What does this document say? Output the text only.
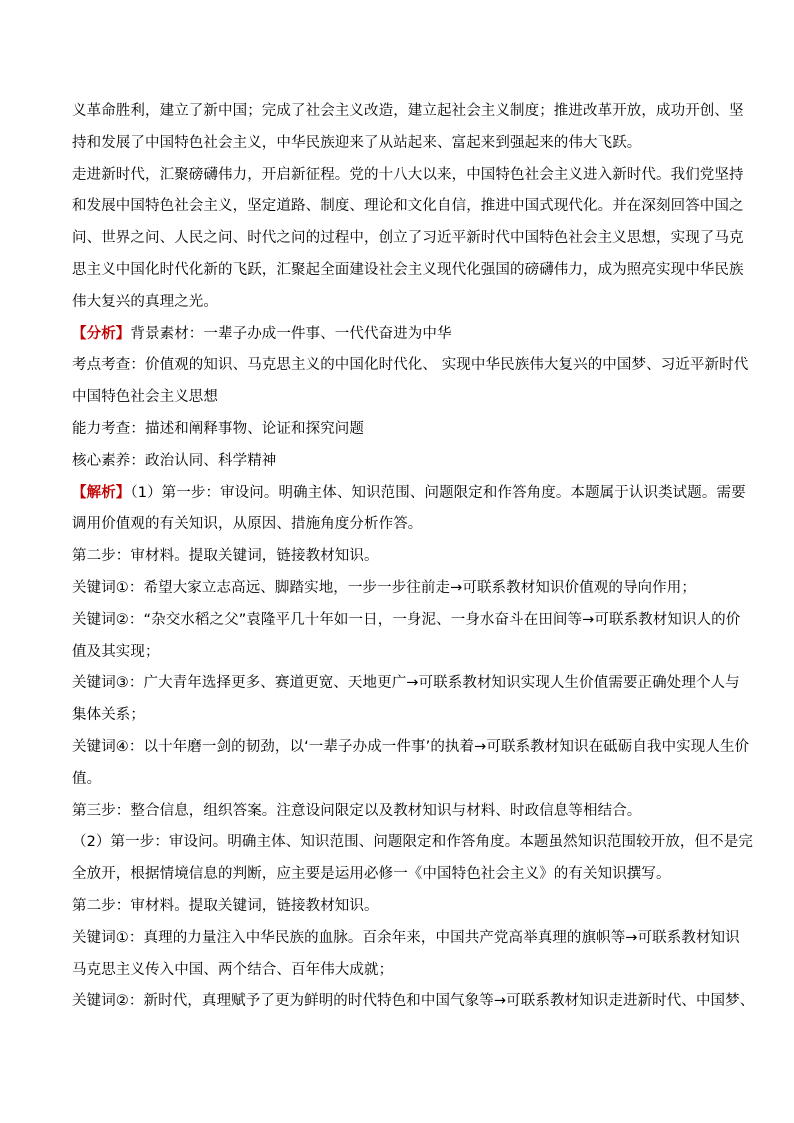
义革命胜利，建立了新中国；完成了社会主义改造，建立起社会主义制度；推进改革开放，成功开创、坚
持和发展了中国特色社会主义，中华民族迎来了从站起来、富起来到强起来的伟大飞跃。
走进新时代，汇聚磅礴伟力，开启新征程。党的十八大以来，中国特色社会主义进入新时代。我们党坚持
和发展中国特色社会主义，坚定道路、制度、理论和文化自信，推进中国式现代化。并在深刻回答中国之
问、世界之问、人民之问、时代之问的过程中，创立了习近平新时代中国特色社会主义思想，实现了马克
思主义中国化时代化新的飞跃，汇聚起全面建设社会主义现代化强国的磅礴伟力，成为照亮实现中华民族
伟大复兴的真理之光。
【分析】背景素材：一辈子办成一件事、一代代奋进为中华
考点考查：价值观的知识、马克思主义的中国化时代化、 实现中华民族伟大复兴的中国梦、习近平新时代
中国特色社会主义思想
能力考查：描述和阐释事物、论证和探究问题
核心素养：政治认同、科学精神
【解析】（1）第一步：审设问。明确主体、知识范围、问题限定和作答角度。本题属于认识类试题。需要
调用价值观的有关知识，从原因、措施角度分析作答。
第二步：审材料。提取关键词，链接教材知识。
关键词①：希望大家立志高远、脚踏实地，一步一步往前走→可联系教材知识价值观的导向作用；
关键词②：“杂交水稻之父”袁隆平几十年如一日，一身泥、一身水奋斗在田间等→可联系教材知识人的价
值及其实现；
关键词③：广大青年选择更多、赛道更宽、天地更广→可联系教材知识实现人生价值需要正确处理个人与
集体关系；
关键词④：以十年磨一剑的韧劲，以‘一辈子办成一件事’的执着→可联系教材知识在砥砺自我中实现人生价
值。
第三步：整合信息，组织答案。注意设问限定以及教材知识与材料、时政信息等相结合。
（2）第一步：审设问。明确主体、知识范围、问题限定和作答角度。本题虽然知识范围较开放，但不是完
全放开，根据情境信息的判断，应主要是运用必修一《中国特色社会主义》的有关知识撰写。
第二步：审材料。提取关键词，链接教材知识。
关键词①：真理的力量注入中华民族的血脉。百余年来，中国共产党高举真理的旗帜等→可联系教材知识
马克思主义传入中国、两个结合、百年伟大成就；
关键词②：新时代，真理赋予了更为鲜明的时代特色和中国气象等→可联系教材知识走进新时代、中国梦、
